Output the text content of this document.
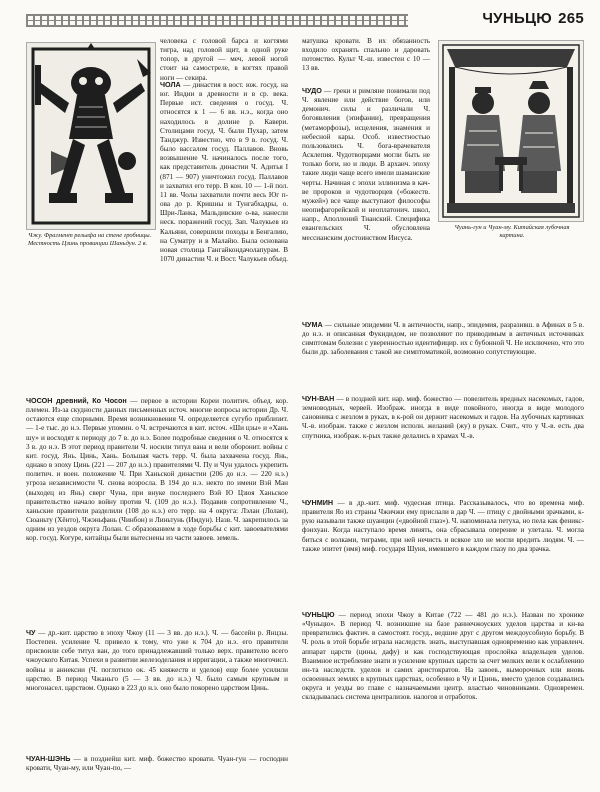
ЧУНЬЦЮ 265
Чжу. Фрагмент рельефа на стене гробницы. Местность Цзинь провинции Шаньдун. 2 в.

человека с головой барса и когтями тигра, над головой щит, в одной руке топор, в другой — меч, левой ногой стоит на самострелe, в когтях правой ноги — секира.

ЧОЛА — династия в вост. юж. госуд. на юг. Индии в древности и в ср. века. Первые ист. сведения о госуд. Ч. относятся к 1 — 6 вв. н.э., когда оно находилось в долине р. Кавери. Столицами госуд. Ч. были Пухар, затем Танджур. Известно, что в 9 в. госуд. Ч. было вассалом госуд. Паллавов. Вновь возвышение Ч. начиналось после того, как представитель династии Ч. Адитья I (871 — 907) уничтожил госуд. Паллавов и захватил его терр. В кон. 10 — 1-й пол. 11 вв. Чолы захватили почти весь Юг п-ова до р. Кришны и Тунгабхадры, о. Шри-Ланка, Мальдивские о-ва, нанесли неск. поражений госуд. Зап. Чалукьев из Кальяни, совершили походы в Бенгалию, на Суматру и в Малайю. Была основана новая столица Гангайкондачолапурам. В 1070 династии Ч. и Вост. Чалукьев объед.

ЧОСОН древний, Ко Чосон — первое в истории Кореи политич. объед. кор. племен. Из-за скудности данных письменных источ. многие вопросы истории Др. Ч. остаются еще спорными. Время возникновения Ч. определяется сугубо приблизит. — 1-е тыс. до н.э. Первые упомин. о Ч. встречаются в кит. источ. «Ши цзы» и «Хань шу» и восходят к периоду до 7 в. до н.э. Более подробные сведения о Ч. относятся к 3 в. до н.э. В этот период правители Ч. носили титул вана и вели оборонит. войны с кит. госуд. Янь. Цинь, Хань. Большая часть терр. Ч. была захвачена госуд. Янь, однако в эпоху Цинь (221 — 207 до н.э.) правителями Ч. Пу и Чун удалось укрепить политич. и воен. положение Ч. При Ханьской династии (206 до н.э. — 220 н.э.) угроза независимости Ч. снова возросла. В 194 до н.э. некто по имени Вэй Ман (выходец из Янь) сверг Чуна, при внуке последнего Вэй Ю Цзюя Ханьское правительство начало войну против Ч. (109 до н.э.). Подавив сопротивление Ч., ханьские правители разделили (108 до н.э.) его терр. на 4 округа: Лэлан (Лолан), Сюаньту (Хёнто), Чжэньфань (Чинбон) и Линьтунь (Имдун). Назв. Ч. закрепилось за одним из уездов округа Лолан. С образованием в ходе борьбы с кит. завоевателями кор. госуд. Когуре, китайцы были вытеснены из части завоев. земель.

ЧУ — др.-кит. царство в эпоху Чжоу (11 — 3 вв. до н.э.). Ч. — бассейн р. Янцзы. Постепен. усиление Ч. привело к тому, что уже к 704 до н.э. его правители присвоили себе титул ван, до того принадлежавший только верх. правителю всего чжоуского Китая. Успехи в развитии железоделания и ирригации, а также многочисл. войны и аннексии (Ч. поглотило ок. 45 княжеств и уделов) еще более усилили царство. В период Чжаньго (5 — 3 вв. до н.э.) Ч. было самым крупным и многонасел. царством. Однако в 223 до н.э. оно было покорено царством Цинь.

ЧУАН-ШЭНЬ — в позднейш кит. миф. божество кровати. Чуан-гун — господин кровати, Чуан-му, или Чуан-по, —

матушка кровати. В их обязанность входило охранять спальню и даровать потомство. Культ Ч.-ш. известен с 10 — 13 вв.

ЧУДО — греки и римляне понимали под Ч. явление или действие богов, или демонич. силы и различали Ч. богоявления (эпифании), превращения (метаморфозы), исцеления, знамения и небесной кары. Особ. известностью пользовались Ч. бога-врачевателя Асклепия. Чудотворцами могли быть не только боги, но и люди. В архаич. эпоху такие люди чаще всего имели шаманские черты. Начиная с эпохи эллинизма в кач-ве пророков и чудотворцев («божеств. мужей») все чаще выступают философы неопифагорейской и неоплатонич. школ, напр., Аполлоний Тианский. Специфика евангельских Ч. обусловлена мессианским достоинством Иисуса.

Чуань-гун и Чуан-му. Китайская лубочная картина.

ЧУМА — сильные эпидемии Ч. в античности, напр., эпидемия, разразивш. в Афинах в 5 в. до н.э. и описанная Фукидидом, не позволяют по приводимым в античных источниках симптомам болезни с уверенностью идентифицир. их с бубонной Ч. Не исключено, что это были др. заболевания с такой же симптоматикой, возможно сопутствующие.

ЧУН-ВАН — в поздней кит. нар. миф. божество — повелитель вредных насекомых, гадов, земноводных, червей. Изображ. иногда в виде покойного, иногда в виде молодого сановника с жезлом в руках, в к-рой он держит насекомых и гадов. На лубочных картинках Ч.-в. изображ. также с жезлом исполн. желаний (жу) в руках. Счит., что у Ч.-в. есть два спутника, изображ. к-рых также делались в храмах Ч.-в.

ЧУНМИН — в др.-кит. миф. чудесная птица. Рассказывалось, что во времена миф. правителя Яо из страны Чжичжи ему прислали в дар Ч. — птицу с двойными зрачками, к-рую называли также шуанцин («двойной глаз»). Ч. напоминала петуха, но пела как феникс-фэнхуан. Когда наступало время линять, она сбрасывала оперение и улетала. Ч. могла биться с волками, тиграми, при ней нечисть и всякое зло не могли вредить людям. Ч. — также эпитет (имя) миф. государя Шуня, имевшего в каждом глазу по два зрачка.

ЧУНЬЦЮ — период эпохи Чжоу в Китае (722 — 481 до н.э.). Назван по хронике «Чуньцю». В период Ч. возникшие на базе раннечжоуских уделов царства и кн-ва превратились фактич. в самостоят. госуд., ведшие друг с другом междоусобную борьбу. В Ч. роль в этой борьбе играла наследств. знать, выступавшая одновременно как управленч. аппарат царств (цины, дафу) и как господствующая прослойка владельцев уделов. Взаимное истребление знати и усиление крупных царств за счет мелких вели к ослаблению ин-та наследств. уделов и самих аристократов. На завоев., выморочных или вновь освоенных землях в крупных царствах, особенно в Чу и Цзинь, вместо уделов создавались округа и уезды во главе с назначаемыми центр. властью чиновниками. Одновремен. складывалась система централизов. налогов и отработок.
